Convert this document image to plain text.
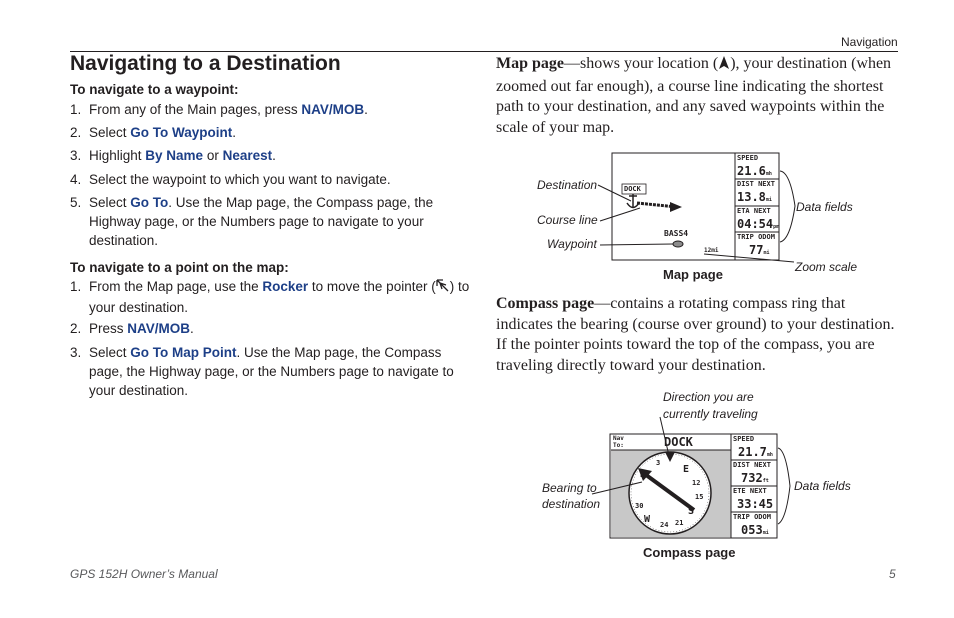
Navigation
Navigating to a Destination
To navigate to a waypoint:
1. From any of the Main pages, press NAV/MOB.
2. Select Go To Waypoint.
3. Highlight By Name or Nearest.
4. Select the waypoint to which you want to navigate.
5. Select Go To. Use the Map page, the Compass page, the Highway page, or the Numbers page to navigate to your destination.
To navigate to a point on the map:
1. From the Map page, use the Rocker to move the pointer ( ) to your destination.
2. Press NAV/MOB.
3. Select Go To Map Point. Use the Map page, the Compass page, the Highway page, or the Numbers page to navigate to your destination.
Map page—shows your location ( ), your destination (when zoomed out far enough), a course line indicating the shortest path to your destination, and any saved waypoints within the scale of your map.
Destination
Course line
Waypoint
Data fields
Zoom scale
DOCK
BASS4
12mi
SPEED
21.6mh
DIST NEXT
13.8mi
ETA NEXT
04:54pm
TRIP ODOM
77mi
Map page
Compass page—contains a rotating compass ring that indicates the bearing (course over ground) to your destination. If the pointer points toward the top of the compass, you are traveling directly toward your destination.
Direction you are
currently traveling
Bearing to
destination
Data fields
Nav
To:	DOCK
N
3
E
12
15
S
21
24
W
30
SPEED
21.7mh
DIST NEXT
732ft
ETE NEXT
33:45
TRIP ODOM
053mi
Compass page
GPS 152H Owner’s Manual	5
